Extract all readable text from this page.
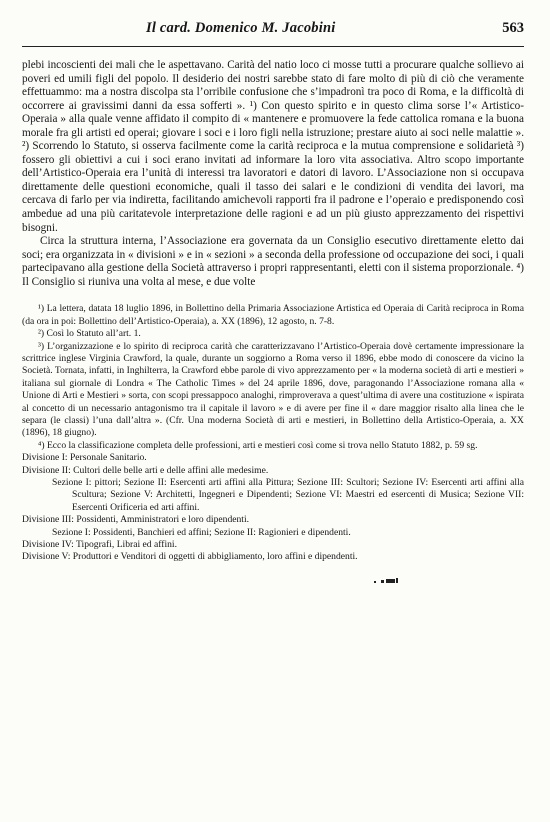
Il card. Domenico M. Jacobini	563

plebi incoscienti dei mali che le aspettavano. Carità del natio loco ci mosse tutti a procurare qualche sollievo ai poveri ed umili figli del popolo. Il desiderio dei nostri sarebbe stato di fare molto di più di ciò che veramente effettuammo: ma a nostra discolpa sta l’orribile confusione che s’impadronì tra poco di Roma, e la difficoltà di occorrere ai gravissimi danni da essa sofferti ». ¹) Con questo spirito e in questo clima sorse l’« Artistico-Operaia » alla quale venne affidato il compito di « mantenere e promuovere la fede cattolica romana e la buona morale fra gli artisti ed operai; giovare i soci e i loro figli nella istruzione; prestare aiuto ai soci nelle malattie ». ²) Scorrendo lo Statuto, si osserva facilmente come la carità reciproca e la mutua comprensione e solidarietà ³) fossero gli obiettivi a cui i soci erano invitati ad informare la loro vita associativa. Altro scopo importante dell’Artistico-Operaia era l’unità di interessi tra lavoratori e datori di lavoro. L’Associazione non si occupava direttamente delle questioni economiche, quali il tasso dei salari e le condizioni di vendita dei lavori, ma cercava di farlo per via indiretta, facilitando amichevoli rapporti fra il padrone e l’operaio e predisponendo così ambedue ad una più caritatevole interpretazione delle ragioni e ad un più giusto apprezzamento dei rispettivi bisogni.

Circa la struttura interna, l’Associazione era governata da un Consiglio esecutivo direttamente eletto dai soci; era organizzata in « divisioni » e in « sezioni » a seconda della professione od occupazione dei soci, i quali partecipavano alla gestione della Società attraverso i propri rappresentanti, eletti con il sistema proporzionale. ⁴) Il Consiglio si riuniva una volta al mese, e due volte

¹) La lettera, datata 18 luglio 1896, in Bollettino della Primaria Associazione Artistica ed Operaia di Carità reciproca in Roma (da ora in poi: Bollettino dell’Artistico-Operaia), a. XX (1896), 12 agosto, n. 7-8.

²) Così lo Statuto all’art. 1.

³) L’organizzazione e lo spirito di reciproca carità che caratterizzavano l’Artistico-Operaia dovè certamente impressionare la scrittrice inglese Virginia Crawford, la quale, durante un soggiorno a Roma verso il 1896, ebbe modo di conoscere da vicino la Società. Tornata, infatti, in Inghilterra, la Crawford ebbe parole di vivo apprezzamento per « la moderna società di arti e mestieri » italiana sul giornale di Londra « The Catholic Times » del 24 aprile 1896, dove, paragonando l’Associazione romana alla « Unione di Arti e Mestieri » sorta, con scopi pressappoco analoghi, rimproverava a quest’ultima di avere una costituzione « ispirata al concetto di un necessario antagonismo tra il capitale il lavoro » e di avere per fine il « dare maggior risalto alla linea che le separa (le classi) l’una dall’altra ». (Cfr. Una moderna Società di arti e mestieri, in Bollettino della Artistico-Operaia, a. XX (1896), 18 giugno).

⁴) Ecco la classificazione completa delle professioni, arti e mestieri così come si trova nello Statuto 1882, p. 59 sg.

Divisione I: Personale Sanitario.

Divisione II: Cultori delle belle arti e delle affini alle medesime.

Sezione I: pittori; Sezione II: Esercenti arti affini alla Pittura; Sezione III: Scultori; Sezione IV: Esercenti arti affini alla Scultura; Sezione V: Architetti, Ingegneri e Dipendenti; Sezione VI: Maestri ed esercenti di Musica; Sezione VII: Esercenti Orificeria ed arti affini.

Divisione III: Possidenti, Amministratori e loro dipendenti.

Sezione I: Possidenti, Banchieri ed affini; Sezione II: Ragionieri e dipendenti.

Divisione IV: Tipografi, Librai ed affini.

Divisione V: Produttori e Venditori di oggetti di abbigliamento, loro affini e dipendenti.
